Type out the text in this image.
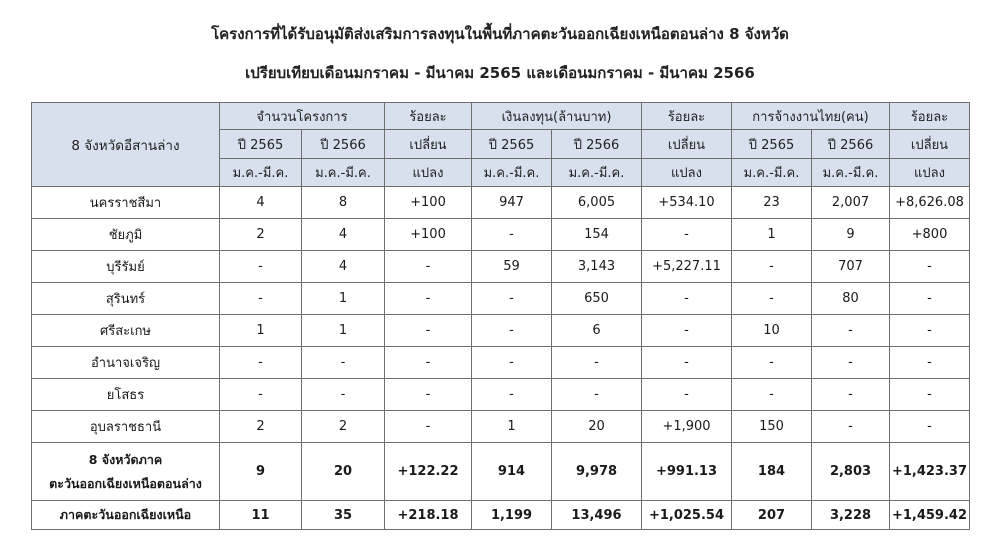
โครงการที่ได้รับอนุมัติส่งเสริมการลงทุนในพื้นที่ภาคตะวันออกเฉียงเหนือตอนล่าง 8 จังหวัด
เปรียบเทียบเดือนมกราคม - มีนาคม 2565 และเดือนมกราคม - มีนาคม 2566
8 จังหวัดอีสานล่าง	จำนวนโครงการ		ร้อยละ	เงินลงทุน(ล้านบาท)		ร้อยละ	การจ้างงานไทย(คน)		ร้อยละ
	ปี 2565	ปี 2566	เปลี่ยน	ปี 2565	ปี 2566	เปลี่ยน	ปี 2565	ปี 2566	เปลี่ยน
	ม.ค.-มี.ค.	ม.ค.-มี.ค.	แปลง	ม.ค.-มี.ค.	ม.ค.-มี.ค.	แปลง	ม.ค.-มี.ค.	ม.ค.-มี.ค.	แปลง
นครราชสีมา	4	8	+100	947	6,005	+534.10	23	2,007	+8,626.08
ชัยภูมิ	2	4	+100	-	154	-	1	9	+800
บุรีรัมย์	-	4	-	59	3,143	+5,227.11	-	707	-
สุรินทร์	-	1	-	-	650	-	-	80	-
ศรีสะเกษ	1	1	-	-	6	-	10	-	-
อำนาจเจริญ	-	-	-	-	-	-	-	-	-
ยโสธร	-	-	-	-	-	-	-	-	-
อุบลราชธานี	2	2	-	1	20	+1,900	150	-	-
8 จังหวัดภาค
ตะวันออกเฉียงเหนือตอนล่าง	9	20	+122.22	914	9,978	+991.13	184	2,803	+1,423.37
ภาคตะวันออกเฉียงเหนือ	11	35	+218.18	1,199	13,496	+1,025.54	207	3,228	+1,459.42
